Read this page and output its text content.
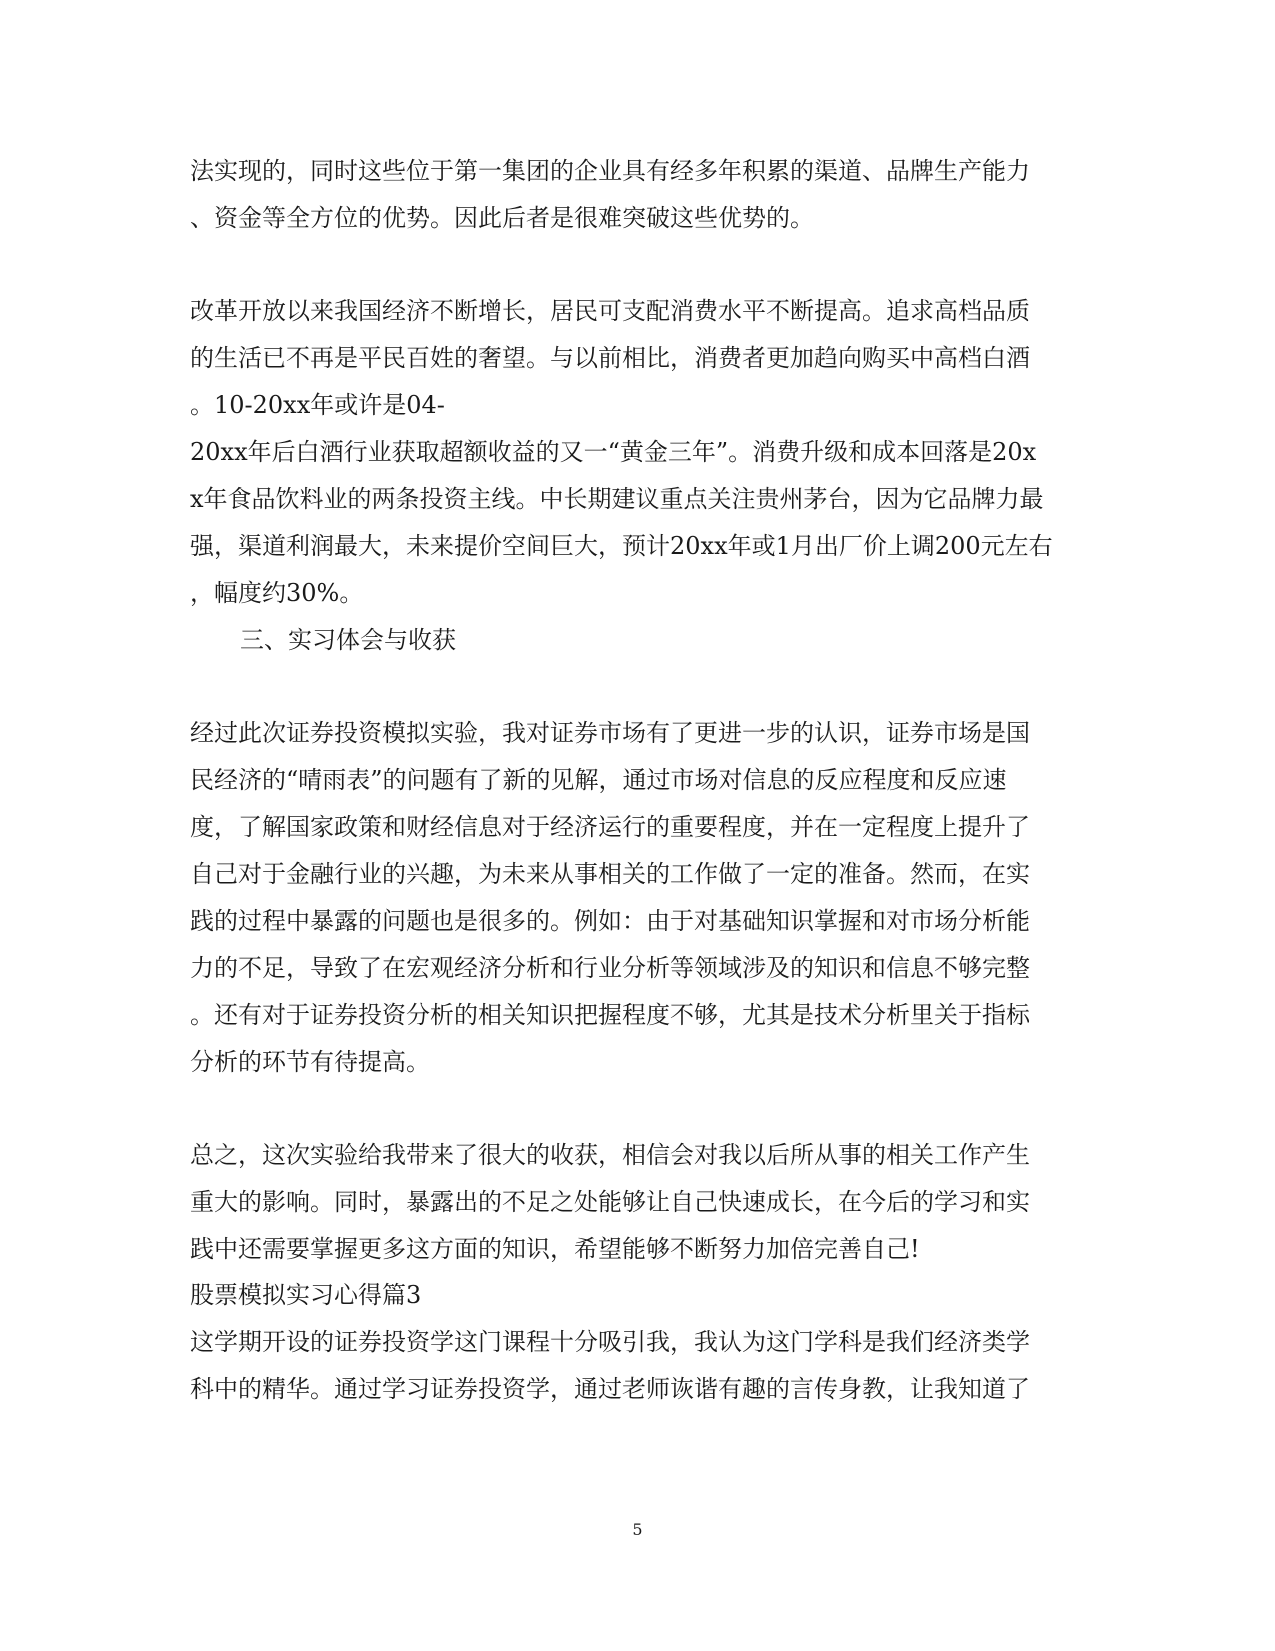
法实现的，同时这些位于第一集团的企业具有经多年积累的渠道、品牌生产能力
、资金等全方位的优势。因此后者是很难突破这些优势的。
改革开放以来我国经济不断增长，居民可支配消费水平不断提高。追求高档品质
的生活已不再是平民百姓的奢望。与以前相比，消费者更加趋向购买中高档白酒
。10-20xx年或许是04-
20xx年后白酒行业获取超额收益的又一“黄金三年”。消费升级和成本回落是20x
x年食品饮料业的两条投资主线。中长期建议重点关注贵州茅台，因为它品牌力最
强，渠道利润最大，未来提价空间巨大，预计20xx年或1月出厂价上调200元左右
，幅度约30%。
三、实习体会与收获
经过此次证券投资模拟实验，我对证券市场有了更进一步的认识，证券市场是国
民经济的“晴雨表”的问题有了新的见解，通过市场对信息的反应程度和反应速
度，了解国家政策和财经信息对于经济运行的重要程度，并在一定程度上提升了
自己对于金融行业的兴趣，为未来从事相关的工作做了一定的准备。然而，在实
践的过程中暴露的问题也是很多的。例如：由于对基础知识掌握和对市场分析能
力的不足，导致了在宏观经济分析和行业分析等领域涉及的知识和信息不够完整
。还有对于证券投资分析的相关知识把握程度不够，尤其是技术分析里关于指标
分析的环节有待提高。
总之，这次实验给我带来了很大的收获，相信会对我以后所从事的相关工作产生
重大的影响。同时，暴露出的不足之处能够让自己快速成长，在今后的学习和实
践中还需要掌握更多这方面的知识，希望能够不断努力加倍完善自己!
股票模拟实习心得篇3
这学期开设的证券投资学这门课程十分吸引我，我认为这门学科是我们经济类学
科中的精华。通过学习证券投资学，通过老师诙谐有趣的言传身教，让我知道了
5
